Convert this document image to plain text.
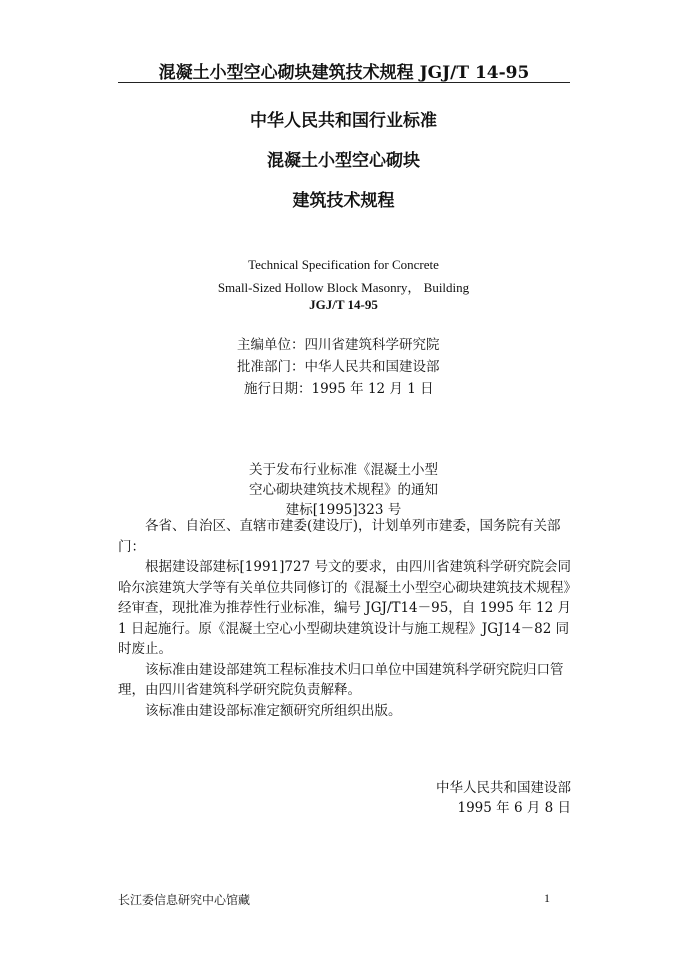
混凝土小型空心砌块建筑技术规程 JGJ/T 14-95
中华人民共和国行业标准
混凝土小型空心砌块
建筑技术规程
Technical Specification for Concrete
Small-Sized Hollow Block Masonry， Building
JGJ/T 14-95
主编单位：四川省建筑科学研究院
批准部门：中华人民共和国建设部
施行日期：1995 年 12 月 1 日
关于发布行业标准《混凝土小型
空心砌块建筑技术规程》的通知
建标[1995]323 号

各省、自治区、直辖市建委(建设厅)，计划单列市建委，国务院有关部门：

根据建设部建标[1991]727 号文的要求，由四川省建筑科学研究院会同哈尔滨建筑大学等有关单位共同修订的《混凝土小型空心砌块建筑技术规程》经审查，现批准为推荐性行业标准，编号 JGJ/T14－95，自 1995 年 12 月 1 日起施行。原《混凝土空心小型砌块建筑设计与施工规程》JGJ14－82 同时废止。

该标准由建设部建筑工程标准技术归口单位中国建筑科学研究院归口管理，由四川省建筑科学研究院负责解释。

该标准由建设部标准定额研究所组织出版。

中华人民共和国建设部
1995 年 6 月 8 日
长江委信息研究中心馆藏	1
